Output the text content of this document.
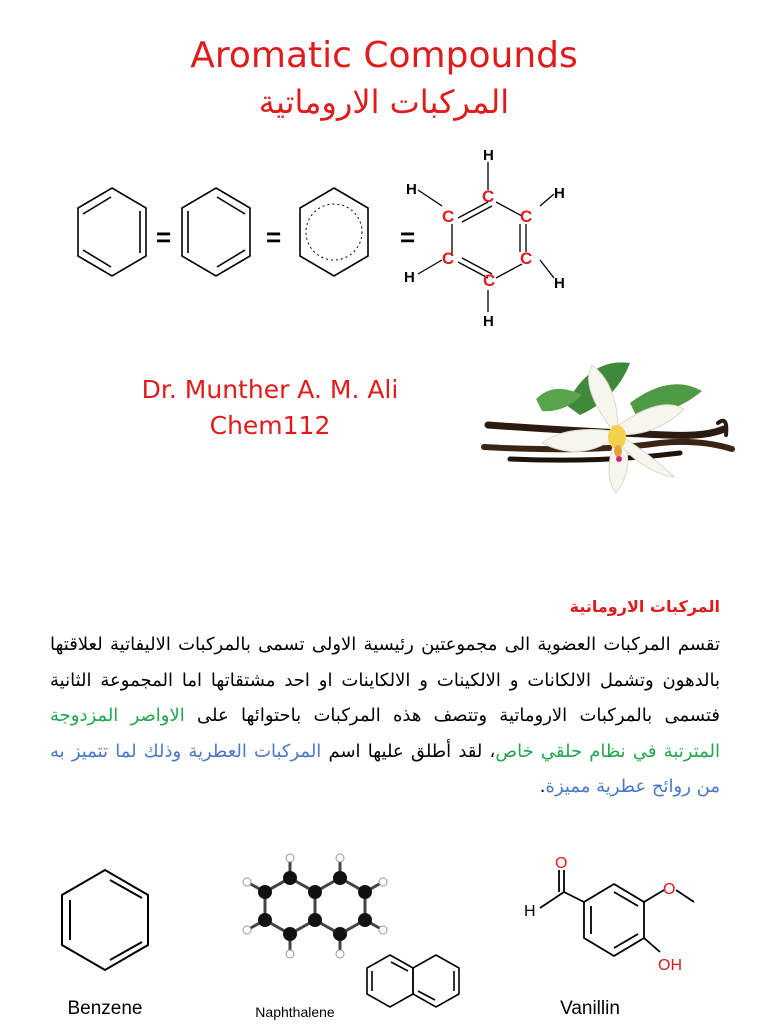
Aromatic Compounds
المركبات الاروماتية
=	=	=
C
C
C
C
C
C
H
H
H
H
H
H
Dr. Munther A. M. Ali
Chem112
المركبات الاروماتية
تقسم المركبات العضوية الى مجموعتين رئيسية الاولى تسمى بالمركبات الاليفاتية لعلاقتها بالدهون وتشمل الالكانات و الالكينات و الالكاينات او احد مشتقاتها اما المجموعة الثانية فتسمى بالمركبات الاروماتية وتتصف هذه المركبات باحتوائها على الاواصر المزدوجة المترتبة في نظام حلقي خاص، لقد أطلق عليها اسم المركبات العطرية وذلك لما تتميز به من روائح عطرية مميزة.
Benzene	Naphthalene
O
H
O
OH
Vanillin
